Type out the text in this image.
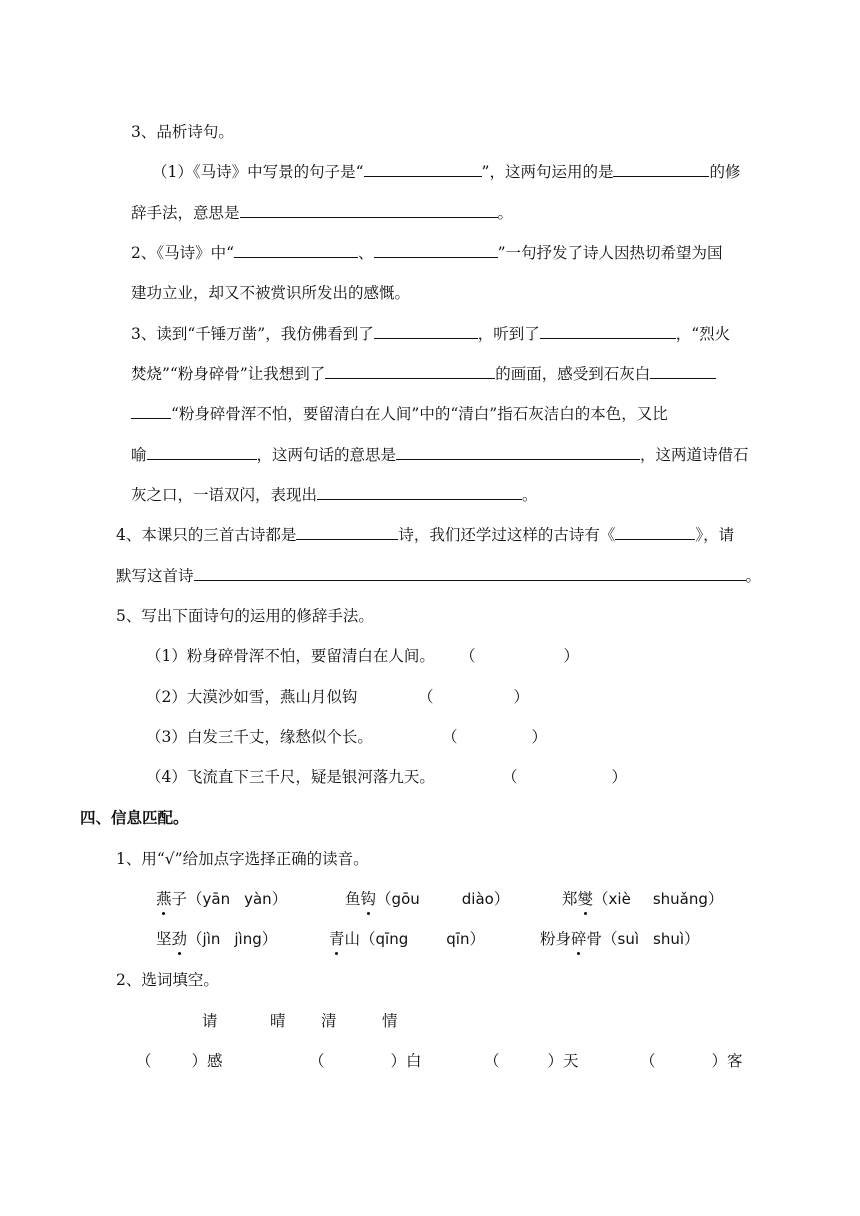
3、品析诗句。
（1）《马诗》中写景的句子是“	”，这两句运用的是	的修
辞手法，意思是	。
2、《马诗》中“	、	”一句抒发了诗人因热切希望为国
建功立业，却又不被赏识所发出的感慨。
3、读到“千锤万凿”，我仿佛看到了	，听到了	，“烈火
焚烧”“粉身碎骨”让我想到了	的画面，感受到石灰白
“粉身碎骨浑不怕，要留清白在人间”中的“清白”指石灰洁白的本色，又比
喻	，这两句话的意思是	，这两道诗借石
灰之口，一语双闪，表现出	。
4、本课只的三首古诗都是	诗，我们还学过这样的古诗有《	》，请
默写这首诗	。
5、写出下面诗句的运用的修辞手法。
（1）粉身碎骨浑不怕，要留清白在人间。 （	）
（2）大漠沙如雪，燕山月似钩	（	）
（3）白发三千丈，缘愁似个长。	（	）
（4）飞流直下三千尺，疑是银河落九天。	（	）
四、信息匹配。
1、用“√”给加点字选择正确的读音。
燕子（yān yàn）	鱼钩（gōu	diào）	郑燮（xiè shuǎng）
坚劲（jìn jìng）	青山（qīng	qīn）	粉身碎骨（suì shuì）
2、选词填空。
请	晴 清	情
（	）感	（	）白	（	）天	（	）客
